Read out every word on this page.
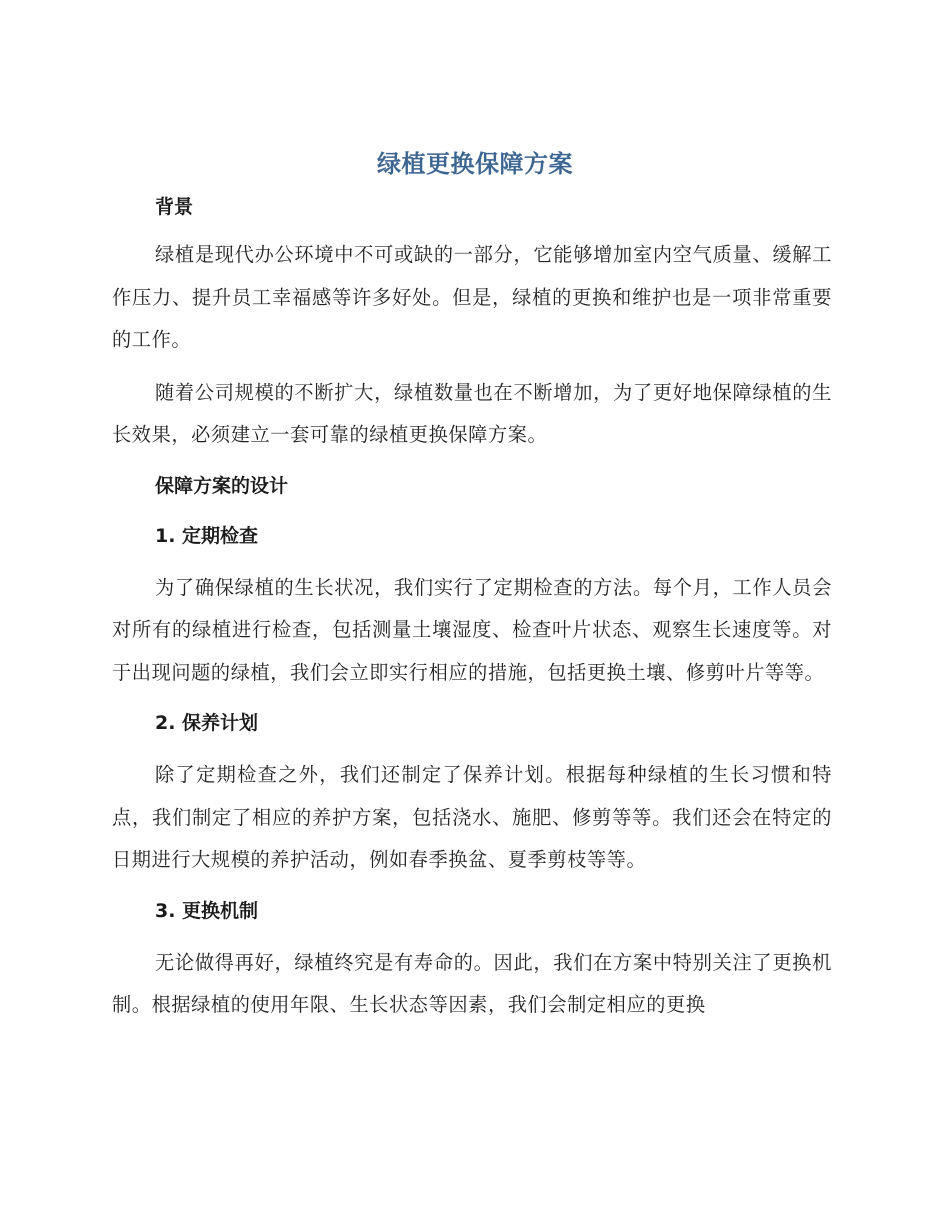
绿植更换保障方案
背景

绿植是现代办公环境中不可或缺的一部分，它能够增加室内空气质量、缓解工作压力、提升员工幸福感等许多好处。但是，绿植的更换和维护也是一项非常重要的工作。

随着公司规模的不断扩大，绿植数量也在不断增加，为了更好地保障绿植的生长效果，必须建立一套可靠的绿植更换保障方案。

保障方案的设计
1. 定期检查

为了确保绿植的生长状况，我们实行了定期检查的方法。每个月，工作人员会对所有的绿植进行检查，包括测量土壤湿度、检查叶片状态、观察生长速度等。对于出现问题的绿植，我们会立即实行相应的措施，包括更换土壤、修剪叶片等等。

2. 保养计划

除了定期检查之外，我们还制定了保养计划。根据每种绿植的生长习惯和特点，我们制定了相应的养护方案，包括浇水、施肥、修剪等等。我们还会在特定的日期进行大规模的养护活动，例如春季换盆、夏季剪枝等等。

3. 更换机制

无论做得再好，绿植终究是有寿命的。因此，我们在方案中特别关注了更换机制。根据绿植的使用年限、生长状态等因素，我们会制定相应的更换
